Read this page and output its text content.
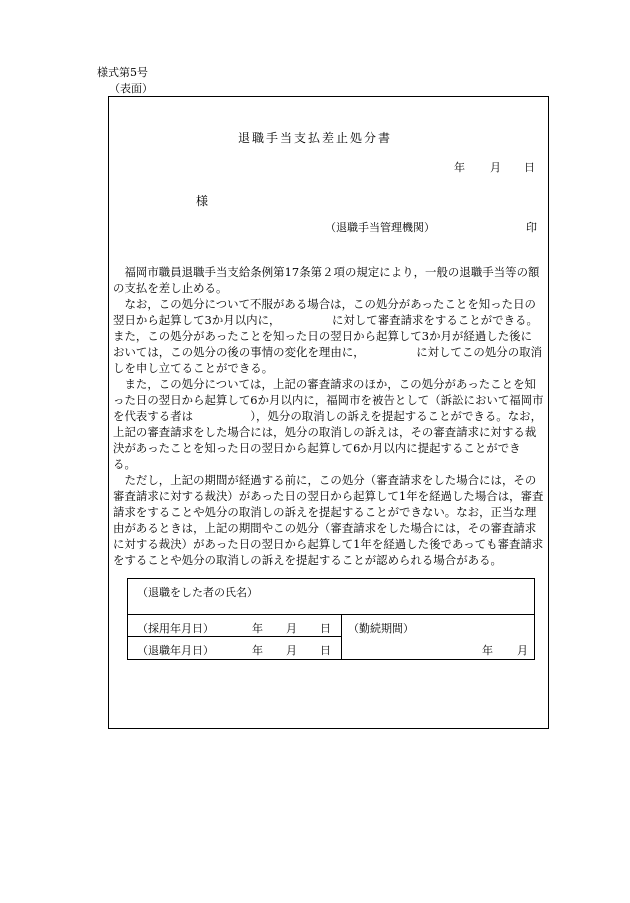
様式第5号
（表面）
退職手当支払差止処分書
年 月 日
様
（退職手当管理機関）	印
　福岡市職員退職手当支給条例第17条第２項の規定により，一般の退職手当等の額
の支払を差し止める。
　なお，この処分について不服がある場合は，この処分があったことを知った日の
翌日から起算して3か月以内に，　　　　　に対して審査請求をすることができる。
また，この処分があったことを知った日の翌日から起算して3か月が経過した後に
おいては，この処分の後の事情の変化を理由に，　　　　　に対してこの処分の取消
しを申し立てることができる。
　また，この処分については，上記の審査請求のほか，この処分があったことを知
った日の翌日から起算して6か月以内に，福岡市を被告として（訴訟において福岡市
を代表する者は　　　　　），処分の取消しの訴えを提起することができる。なお，
上記の審査請求をした場合には，処分の取消しの訴えは，その審査請求に対する裁
決があったことを知った日の翌日から起算して6か月以内に提起することができ
る。
　ただし，上記の期間が経過する前に，この処分（審査請求をした場合には，その
審査請求に対する裁決）があった日の翌日から起算して1年を経過した場合は，審査
請求をすることや処分の取消しの訴えを提起することができない。なお，正当な理
由があるときは，上記の期間やこの処分（審査請求をした場合には，その審査請求
に対する裁決）があった日の翌日から起算して1年を経過した後であっても審査請求
をすることや処分の取消しの訴えを提起することが認められる場合がある。
（退職をした者の氏名）
（採用年月日）	年 月 日 （勤続期間）
（退職年月日）	年 月 日	年 月
